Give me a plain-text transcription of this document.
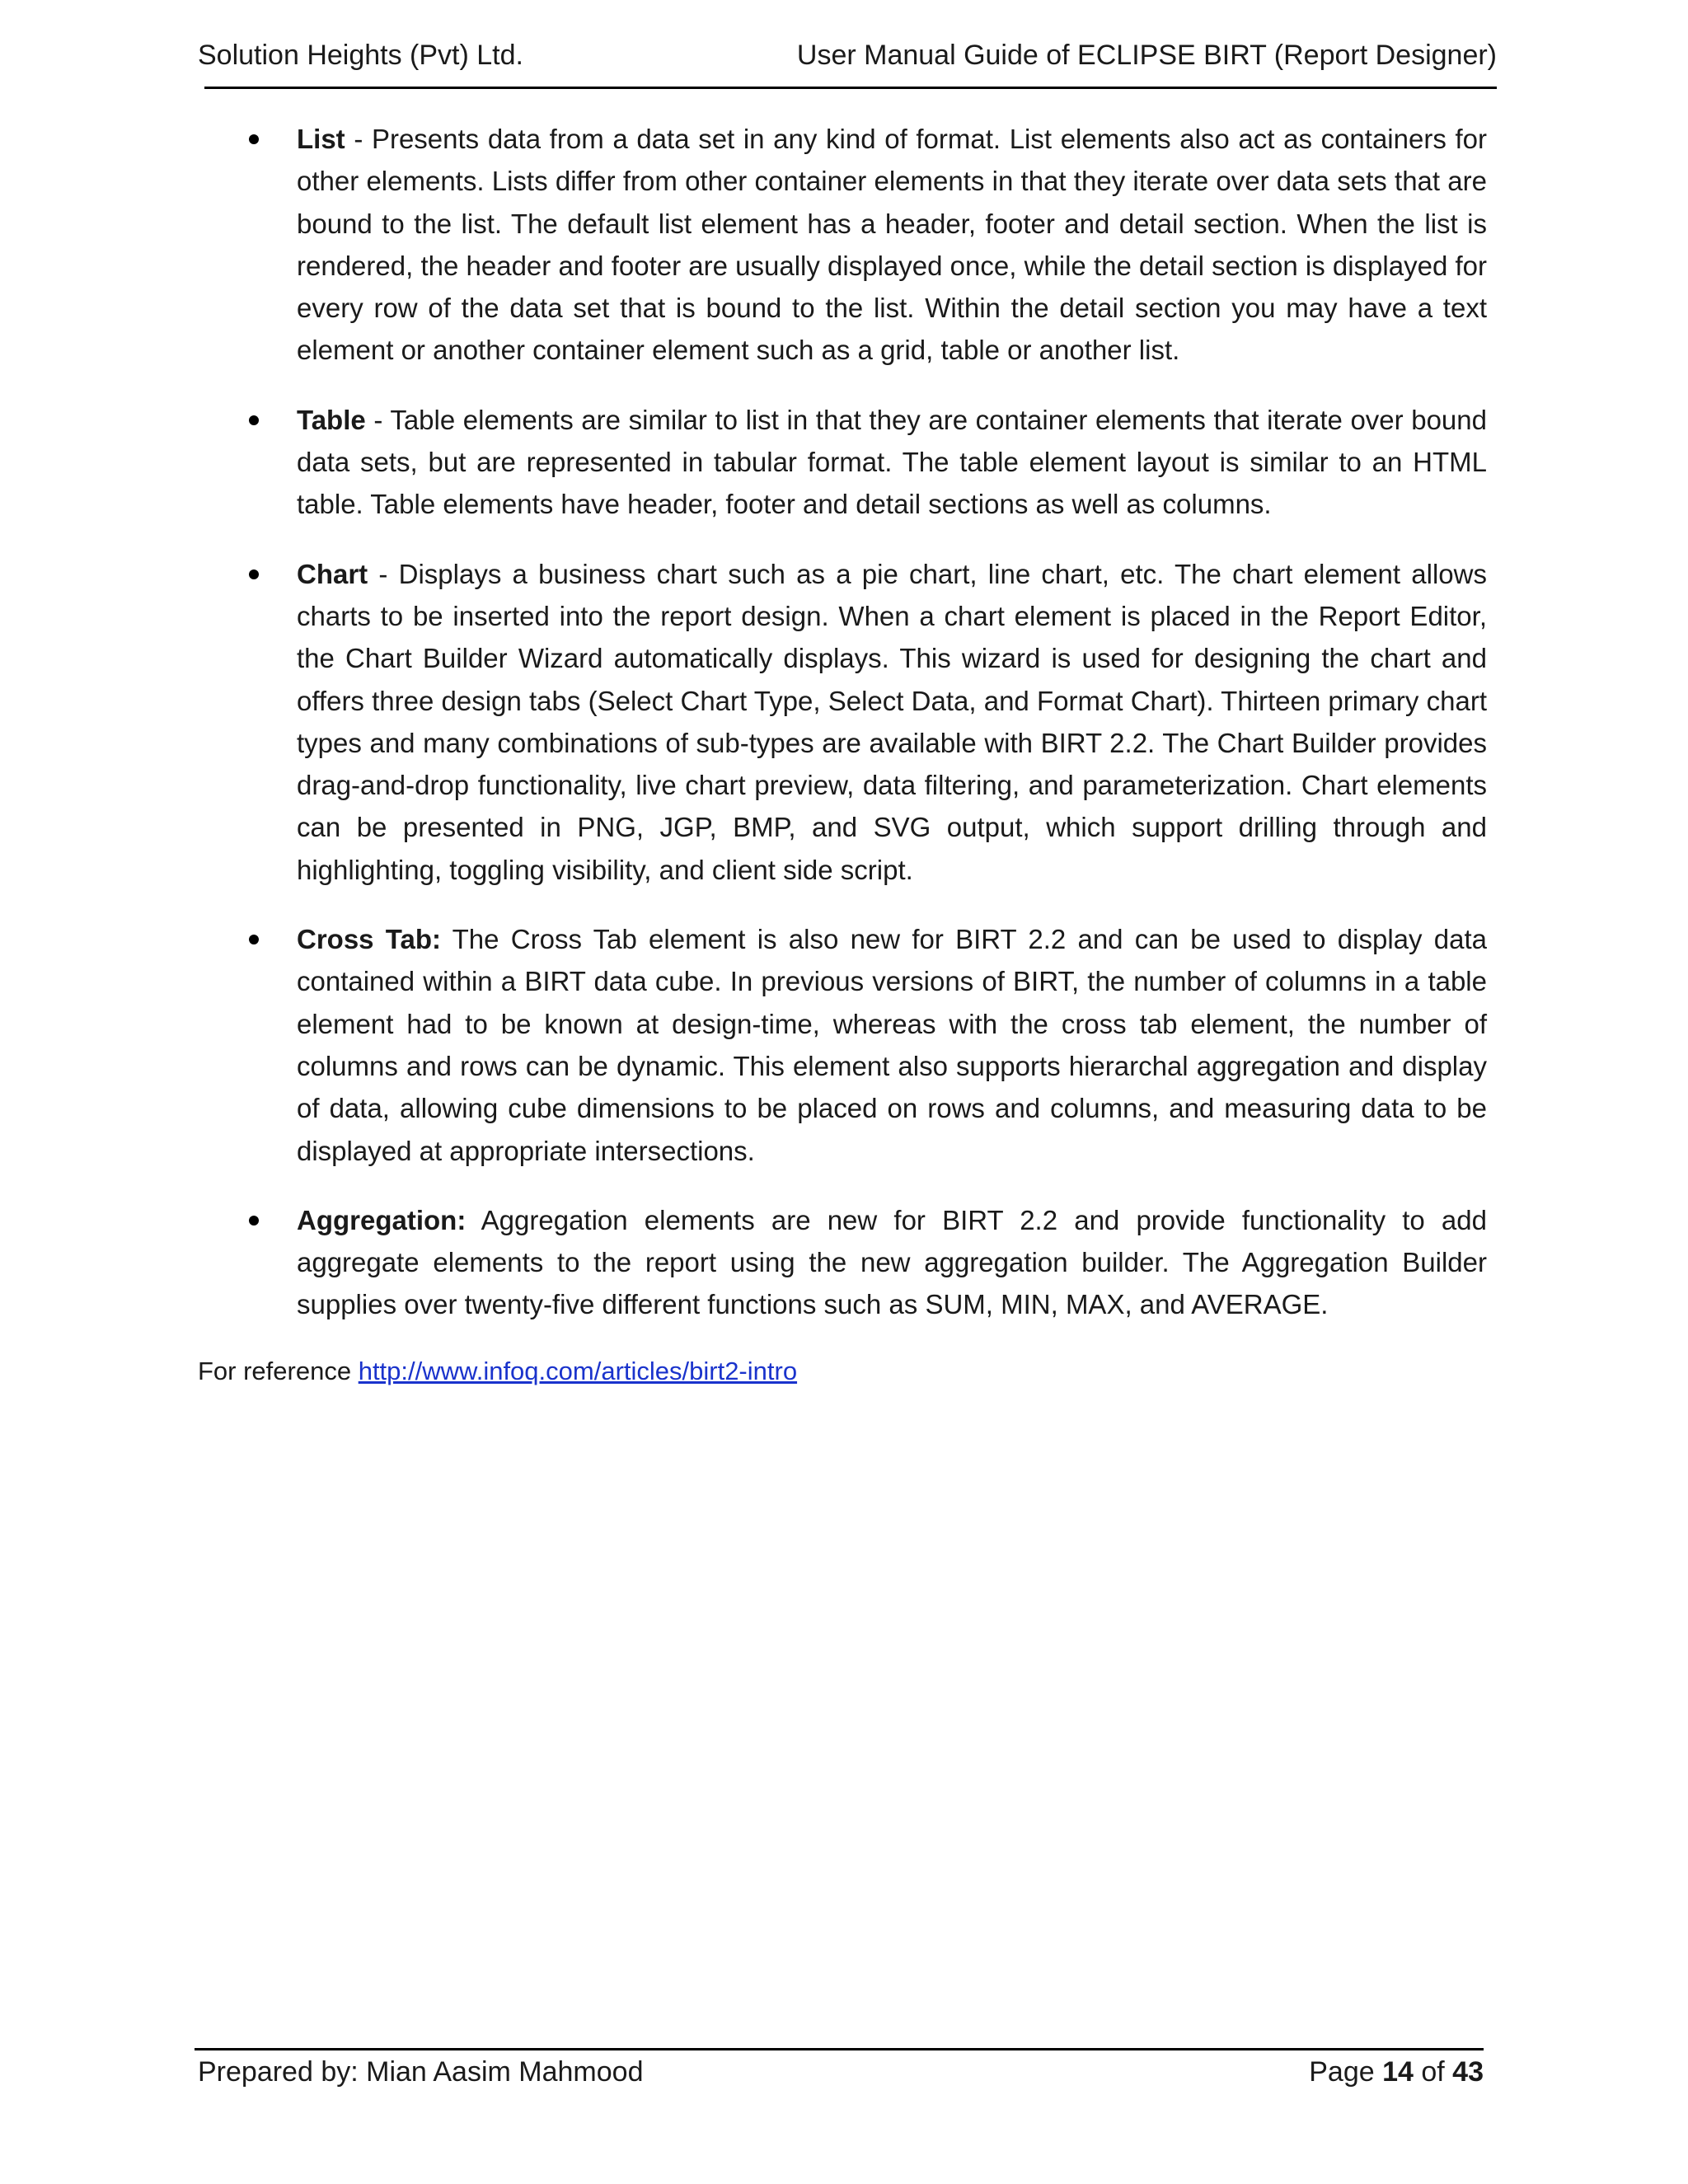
Solution Heights (Pvt) Ltd.	User Manual Guide of ECLIPSE BIRT (Report Designer)
List - Presents data from a data set in any kind of format. List elements also act as containers for other elements. Lists differ from other container elements in that they iterate over data sets that are bound to the list. The default list element has a header, footer and detail section. When the list is rendered, the header and footer are usually displayed once, while the detail section is displayed for every row of the data set that is bound to the list. Within the detail section you may have a text element or another container element such as a grid, table or another list.
Table - Table elements are similar to list in that they are container elements that iterate over bound data sets, but are represented in tabular format. The table element layout is similar to an HTML table. Table elements have header, footer and detail sections as well as columns.
Chart - Displays a business chart such as a pie chart, line chart, etc. The chart element allows charts to be inserted into the report design. When a chart element is placed in the Report Editor, the Chart Builder Wizard automatically displays. This wizard is used for designing the chart and offers three design tabs (Select Chart Type, Select Data, and Format Chart). Thirteen primary chart types and many combinations of sub-types are available with BIRT 2.2. The Chart Builder provides drag-and-drop functionality, live chart preview, data filtering, and parameterization. Chart elements can be presented in PNG, JGP, BMP, and SVG output, which support drilling through and highlighting, toggling visibility, and client side script.
Cross Tab: The Cross Tab element is also new for BIRT 2.2 and can be used to display data contained within a BIRT data cube. In previous versions of BIRT, the number of columns in a table element had to be known at design-time, whereas with the cross tab element, the number of columns and rows can be dynamic. This element also supports hierarchal aggregation and display of data, allowing cube dimensions to be placed on rows and columns, and measuring data to be displayed at appropriate intersections.
Aggregation: Aggregation elements are new for BIRT 2.2 and provide functionality to add aggregate elements to the report using the new aggregation builder. The Aggregation Builder supplies over twenty-five different functions such as SUM, MIN, MAX, and AVERAGE.
For reference http://www.infoq.com/articles/birt2-intro
Prepared by: Mian Aasim Mahmood	Page 14 of 43
